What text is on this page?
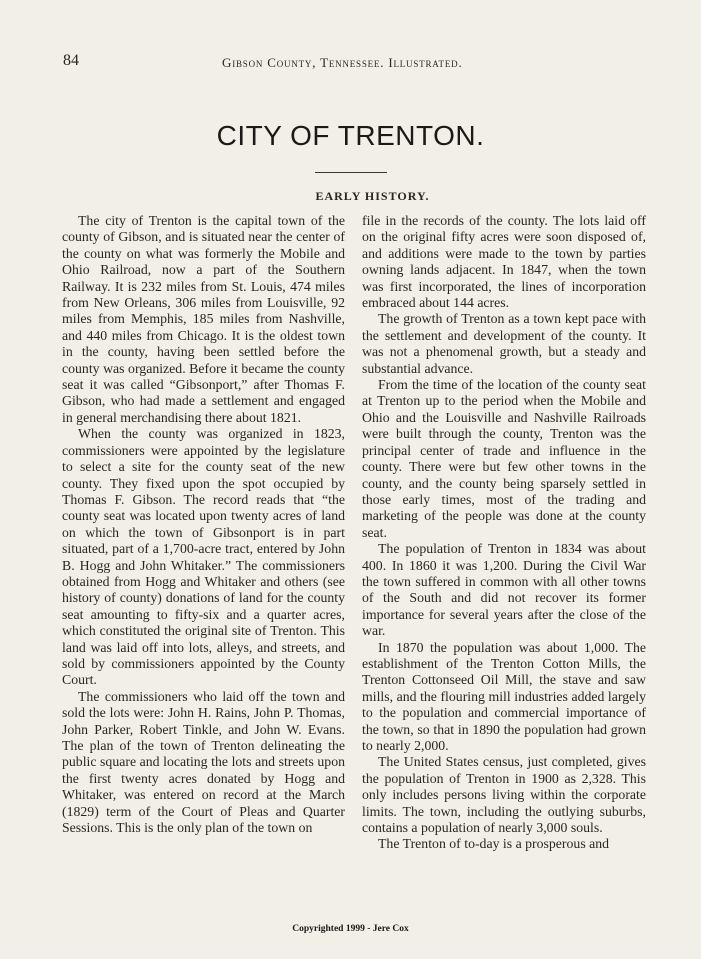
84	Gibson County, Tennessee. Illustrated.
CITY OF TRENTON.
EARLY HISTORY.

The city of Trenton is the capital town of the county of Gibson, and is situated near the center of the county on what was formerly the Mobile and Ohio Railroad, now a part of the Southern Railway. It is 232 miles from St. Louis, 474 miles from New Orleans, 306 miles from Louisville, 92 miles from Memphis, 185 miles from Nashville, and 440 miles from Chicago. It is the oldest town in the county, having been settled before the county was organized. Before it became the county seat it was called “Gibsonport,” after Thomas F. Gibson, who had made a settlement and engaged in general merchandising there about 1821.

When the county was organized in 1823, commissioners were appointed by the legislature to select a site for the county seat of the new county. They fixed upon the spot occupied by Thomas F. Gibson. The record reads that “the county seat was located upon twenty acres of land on which the town of Gibsonport is in part situated, part of a 1,700-acre tract, entered by John B. Hogg and John Whitaker.” The commissioners obtained from Hogg and Whitaker and others (see history of county) donations of land for the county seat amounting to fifty-six and a quarter acres, which constituted the original site of Trenton. This land was laid off into lots, alleys, and streets, and sold by commissioners appointed by the County Court.

The commissioners who laid off the town and sold the lots were: John H. Rains, John P. Thomas, John Parker, Robert Tinkle, and John W. Evans. The plan of the town of Trenton delineating the public square and locating the lots and streets upon the first twenty acres donated by Hogg and Whitaker, was entered on record at the March (1829) term of the Court of Pleas and Quarter Sessions. This is the only plan of the town on

file in the records of the county. The lots laid off on the original fifty acres were soon disposed of, and additions were made to the town by parties owning lands adjacent. In 1847, when the town was first incorporated, the lines of incorporation embraced about 144 acres.

The growth of Trenton as a town kept pace with the settlement and development of the county. It was not a phenomenal growth, but a steady and substantial advance.

From the time of the location of the county seat at Trenton up to the period when the Mobile and Ohio and the Louisville and Nashville Railroads were built through the county, Trenton was the principal center of trade and influence in the county. There were but few other towns in the county, and the county being sparsely settled in those early times, most of the trading and marketing of the people was done at the county seat.

The population of Trenton in 1834 was about 400. In 1860 it was 1,200. During the Civil War the town suffered in common with all other towns of the South and did not recover its former importance for several years after the close of the war.

In 1870 the population was about 1,000. The establishment of the Trenton Cotton Mills, the Trenton Cottonseed Oil Mill, the stave and saw mills, and the flouring mill industries added largely to the population and commercial importance of the town, so that in 1890 the population had grown to nearly 2,000.

The United States census, just completed, gives the population of Trenton in 1900 as 2,328. This only includes persons living within the corporate limits. The town, including the outlying suburbs, contains a population of nearly 3,000 souls.

The Trenton of to-day is a prosperous and

Copyrighted 1999 - Jere Cox
